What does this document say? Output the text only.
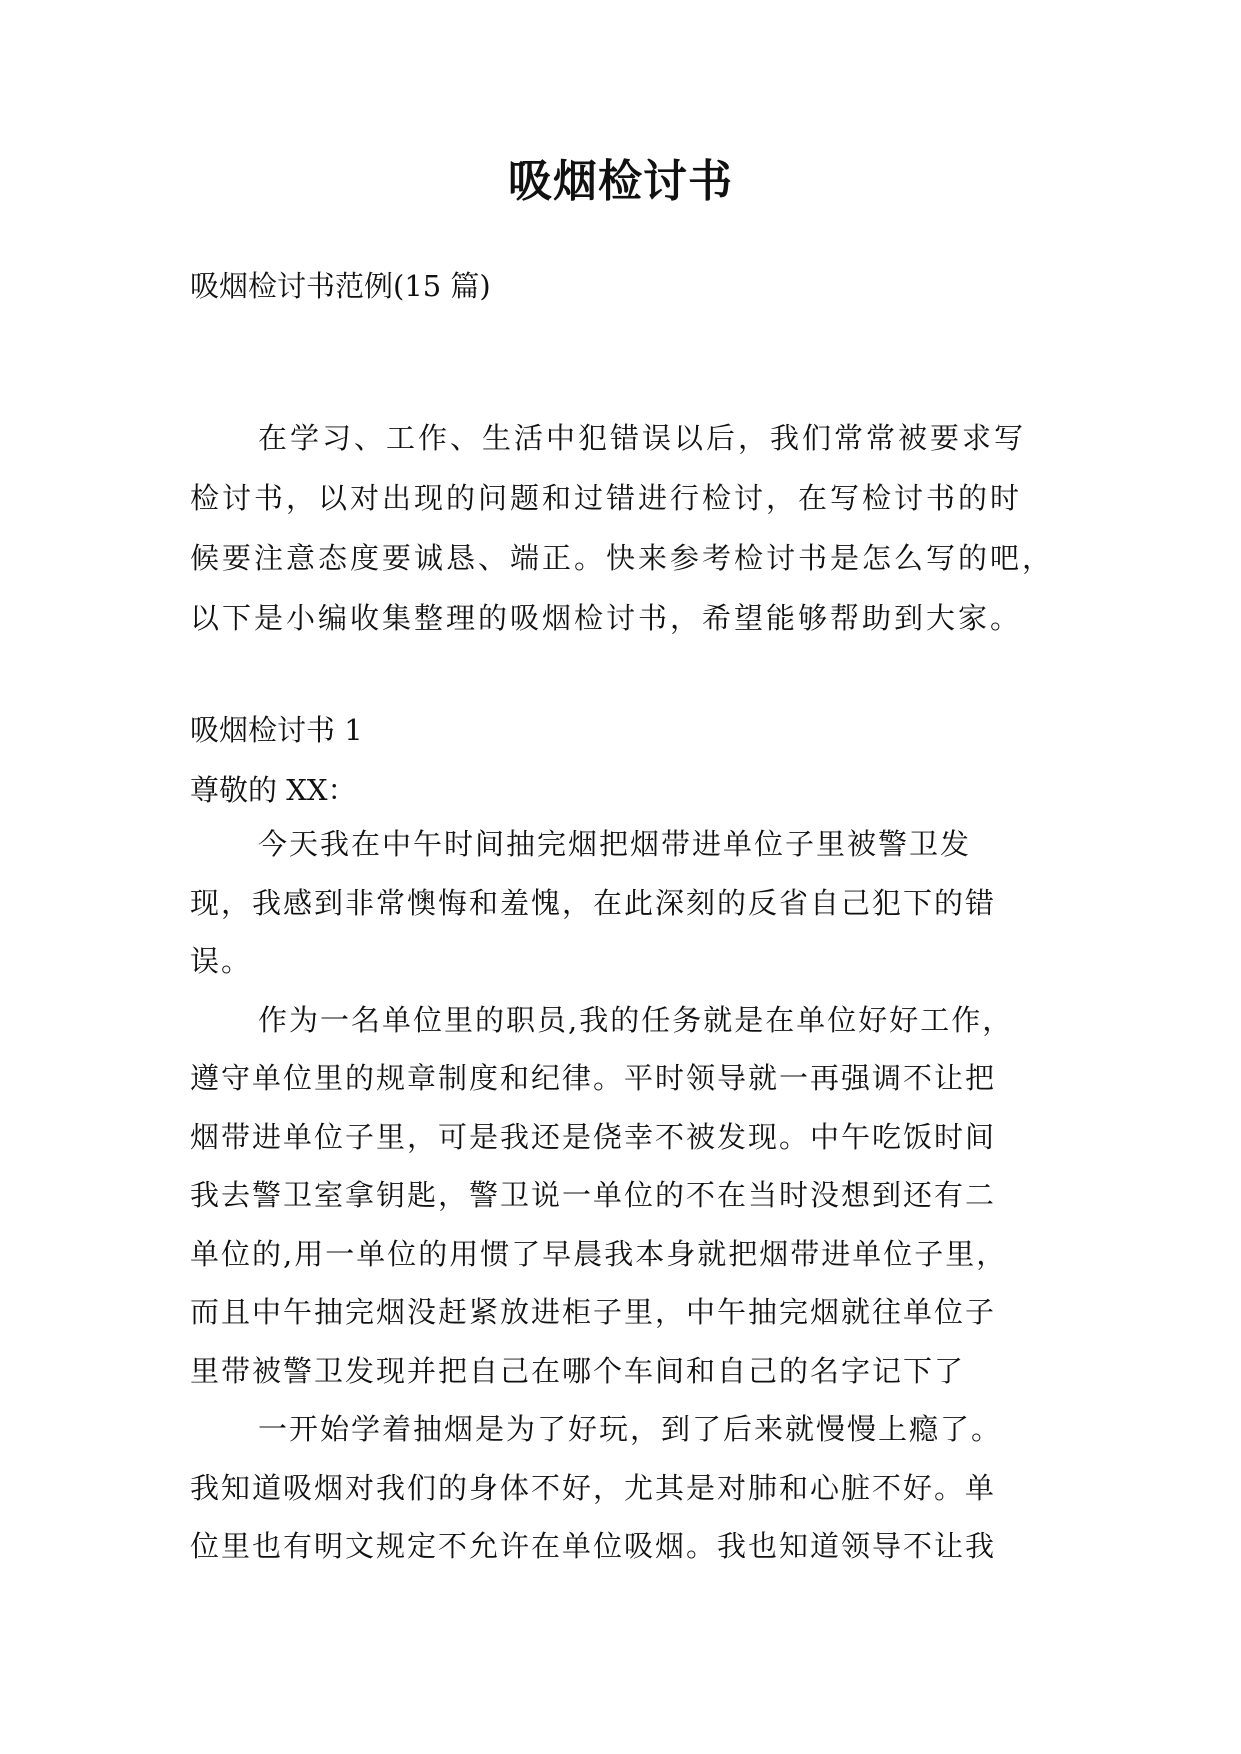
吸烟检讨书
吸烟检讨书范例(15 篇)
在学习、工作、生活中犯错误以后，我们常常被要求写
检讨书，以对出现的问题和过错进行检讨，在写检讨书的时
候要注意态度要诚恳、端正。快来参考检讨书是怎么写的吧，
以下是小编收集整理的吸烟检讨书，希望能够帮助到大家。
吸烟检讨书 1
尊敬的 XX：
今天我在中午时间抽完烟把烟带进单位子里被警卫发
现，我感到非常懊悔和羞愧，在此深刻的反省自己犯下的错
误。
作为一名单位里的职员,我的任务就是在单位好好工作，
遵守单位里的规章制度和纪律。平时领导就一再强调不让把
烟带进单位子里，可是我还是侥幸不被发现。中午吃饭时间
我去警卫室拿钥匙，警卫说一单位的不在当时没想到还有二
单位的,用一单位的用惯了早晨我本身就把烟带进单位子里，
而且中午抽完烟没赶紧放进柜子里，中午抽完烟就往单位子
里带被警卫发现并把自己在哪个车间和自己的名字记下了
一开始学着抽烟是为了好玩，到了后来就慢慢上瘾了。
我知道吸烟对我们的身体不好，尤其是对肺和心脏不好。单
位里也有明文规定不允许在单位吸烟。我也知道领导不让我
